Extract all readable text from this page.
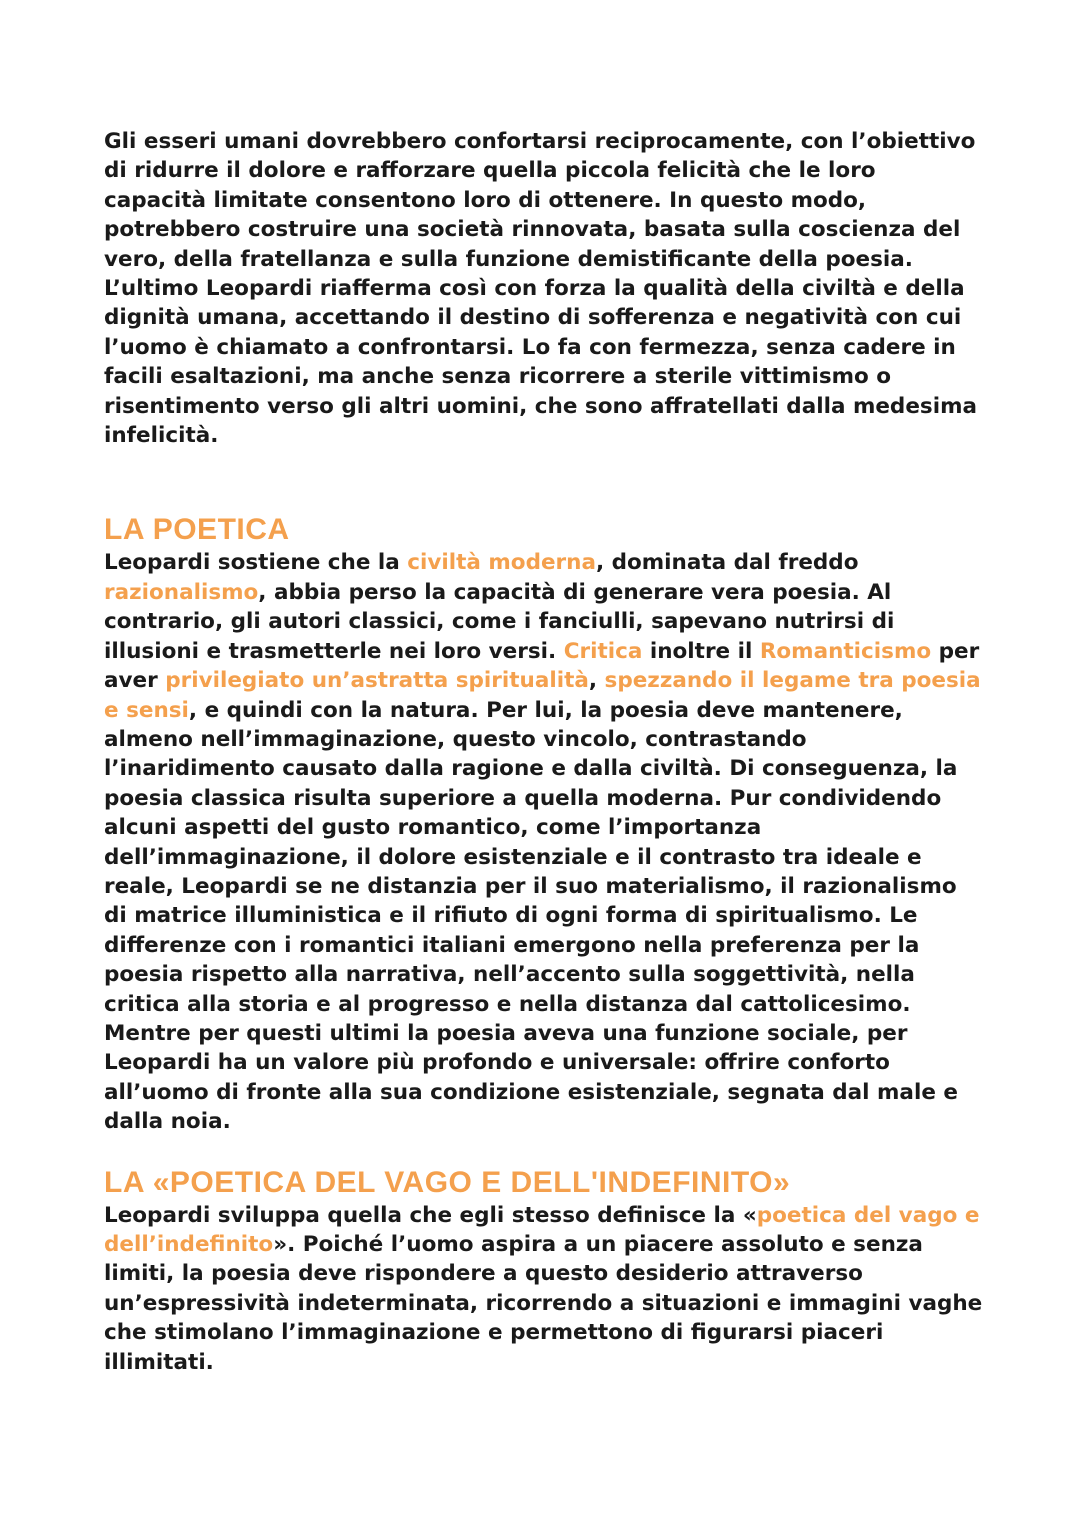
Gli esseri umani dovrebbero confortarsi reciprocamente, con l’obiettivo di ridurre il dolore e rafforzare quella piccola felicità che le loro capacità limitate consentono loro di ottenere. In questo modo, potrebbero costruire una società rinnovata, basata sulla coscienza del vero, della fratellanza e sulla funzione demistificante della poesia.

L’ultimo Leopardi riafferma così con forza la qualità della civiltà e della dignità umana, accettando il destino di sofferenza e negatività con cui l’uomo è chiamato a confrontarsi. Lo fa con fermezza, senza cadere in facili esaltazioni, ma anche senza ricorrere a sterile vittimismo o risentimento verso gli altri uomini, che sono affratellati dalla medesima infelicità.

LA POETICA

Leopardi sostiene che la civiltà moderna, dominata dal freddo razionalismo, abbia perso la capacità di generare vera poesia. Al contrario, gli autori classici, come i fanciulli, sapevano nutrirsi di illusioni e trasmetterle nei loro versi. Critica inoltre il Romanticismo per aver privilegiato un’astratta spiritualità, spezzando il legame tra poesia e sensi, e quindi con la natura. Per lui, la poesia deve mantenere, almeno nell’immaginazione, questo vincolo, contrastando l’inaridimento causato dalla ragione e dalla civiltà. Di conseguenza, la poesia classica risulta superiore a quella moderna. Pur condividendo alcuni aspetti del gusto romantico, come l’importanza dell’immaginazione, il dolore esistenziale e il contrasto tra ideale e reale, Leopardi se ne distanzia per il suo materialismo, il razionalismo di matrice illuministica e il rifiuto di ogni forma di spiritualismo. Le differenze con i romantici italiani emergono nella preferenza per la poesia rispetto alla narrativa, nell’accento sulla soggettività, nella critica alla storia e al progresso e nella distanza dal cattolicesimo. Mentre per questi ultimi la poesia aveva una funzione sociale, per Leopardi ha un valore più profondo e universale: offrire conforto all’uomo di fronte alla sua condizione esistenziale, segnata dal male e dalla noia.

LA «POETICA DEL VAGO E DELL'INDEFINITO»

Leopardi sviluppa quella che egli stesso definisce la «poetica del vago e dell’indefinito». Poiché l’uomo aspira a un piacere assoluto e senza limiti, la poesia deve rispondere a questo desiderio attraverso un’espressività indeterminata, ricorrendo a situazioni e immagini vaghe che stimolano l’immaginazione e permettono di figurarsi piaceri illimitati.
